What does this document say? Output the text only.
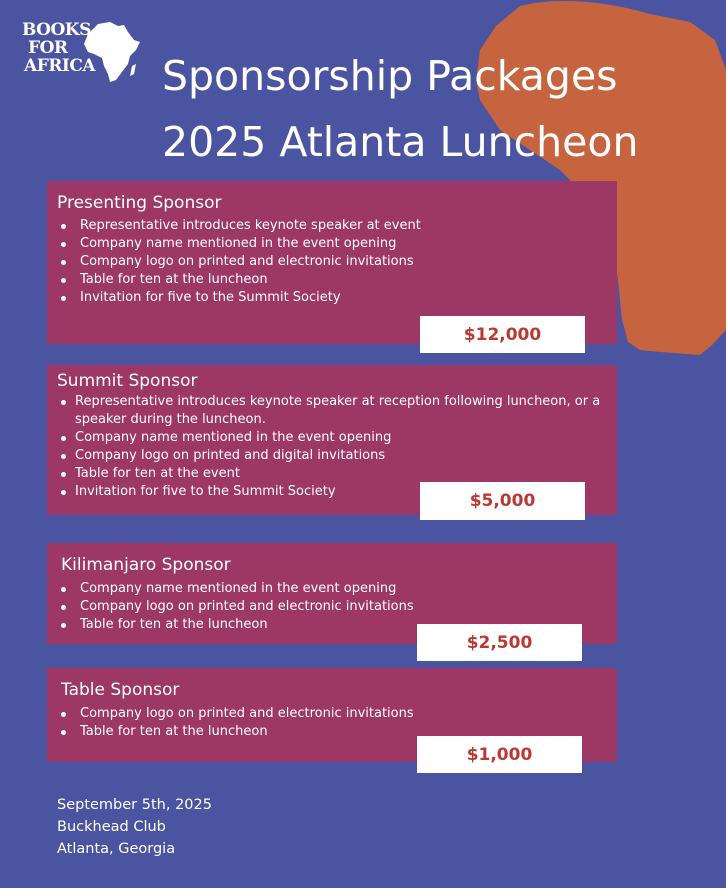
BOOKS
FOR
AFRICA Sponsorship Packages
2025 Atlanta Luncheon
Presenting Sponsor
Representative introduces keynote speaker at event
Company name mentioned in the event opening
Company logo on printed and electronic invitations
Table for ten at the luncheon
Invitation for five to the Summit Society
$12,000
Summit Sponsor
Representative introduces keynote speaker at reception following luncheon, or a speaker during the luncheon.
Company name mentioned in the event opening
Company logo on printed and digital invitations
Table for ten at the event
Invitation for five to the Summit Society	$5,000
Kilimanjaro Sponsor
Company name mentioned in the event opening
Company logo on printed and electronic invitations
Table for ten at the luncheon
$2,500
Table Sponsor
Company logo on printed and electronic invitations
Table for ten at the luncheon
$1,000
September 5th, 2025
Buckhead Club
Atlanta, Georgia
